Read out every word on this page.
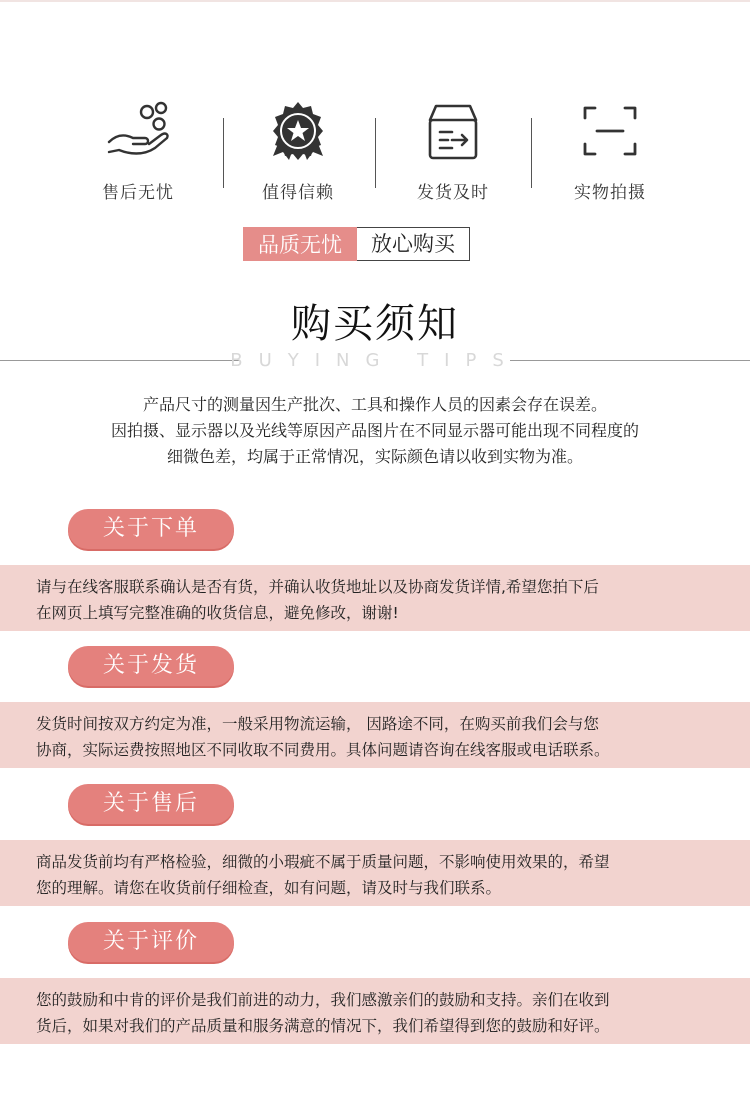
售后无忧	值得信赖	发货及时	实物拍摄
品质无忧	放心购买
购买须知
BUYING TIPS
产品尺寸的测量因生产批次、工具和操作人员的因素会存在误差。
因拍摄、显示器以及光线等原因产品图片在不同显示器可能出现不同程度的
细微色差，均属于正常情况，实际颜色请以收到实物为准。
关于下单
请与在线客服联系确认是否有货，并确认收货地址以及协商发货详情,希望您拍下后
在网页上填写完整准确的收货信息，避免修改，谢谢!
关于发货
发货时间按双方约定为准，一般采用物流运输， 因路途不同，在购买前我们会与您
协商，实际运费按照地区不同收取不同费用。具体问题请咨询在线客服或电话联系。
关于售后
商品发货前均有严格检验，细微的小瑕疵不属于质量问题，不影响使用效果的，希望
您的理解。请您在收货前仔细检查，如有问题，请及时与我们联系。
关于评价
您的鼓励和中肯的评价是我们前进的动力，我们感激亲们的鼓励和支持。亲们在收到
货后，如果对我们的产品质量和服务满意的情况下，我们希望得到您的鼓励和好评。
